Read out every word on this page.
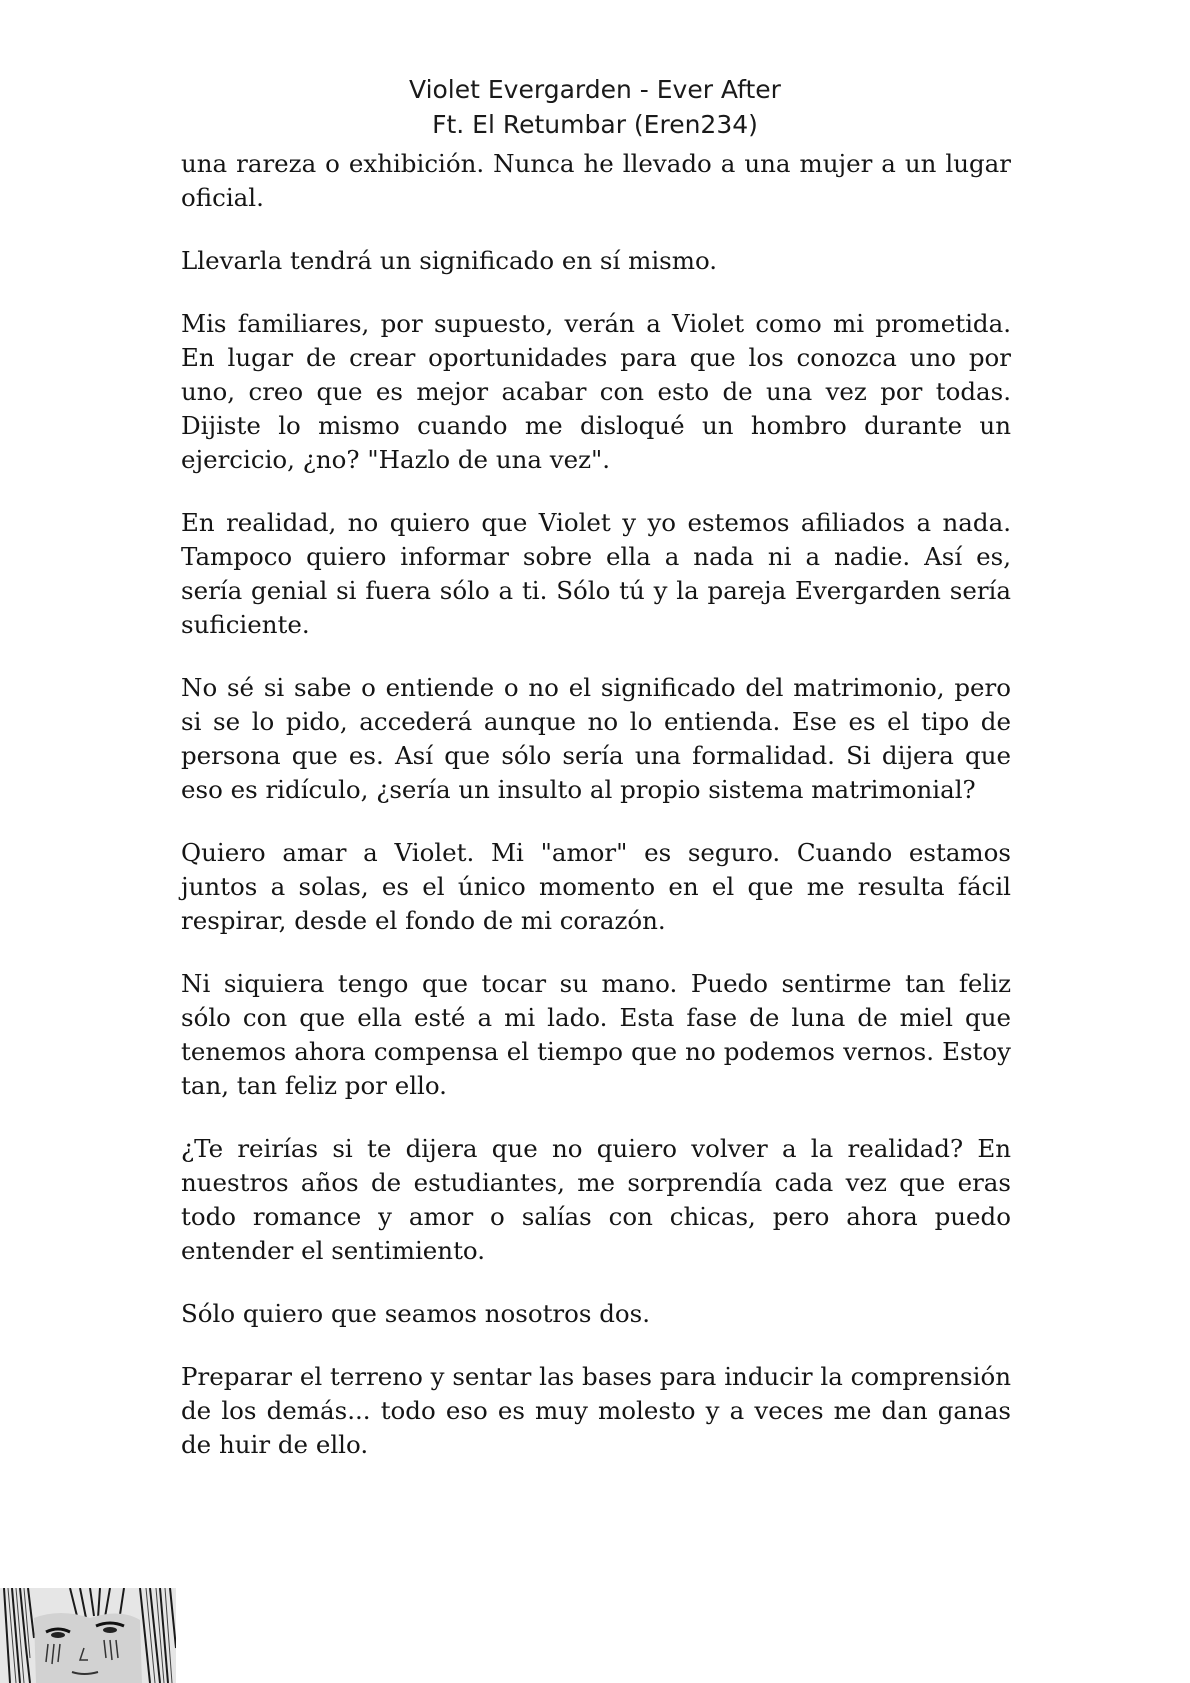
Violet Evergarden - Ever After
Ft. El Retumbar (Eren234)

una rareza o exhibición. Nunca he llevado a una mujer a un lugar oficial.

Llevarla tendrá un significado en sí mismo.

Mis familiares, por supuesto, verán a Violet como mi prometida. En lugar de crear oportunidades para que los conozca uno por uno, creo que es mejor acabar con esto de una vez por todas. Dijiste lo mismo cuando me disloqué un hombro durante un ejercicio, ¿no? "Hazlo de una vez".

En realidad, no quiero que Violet y yo estemos afiliados a nada. Tampoco quiero informar sobre ella a nada ni a nadie. Así es, sería genial si fuera sólo a ti. Sólo tú y la pareja Evergarden sería suficiente.

No sé si sabe o entiende o no el significado del matrimonio, pero si se lo pido, accederá aunque no lo entienda. Ese es el tipo de persona que es. Así que sólo sería una formalidad. Si dijera que eso es ridículo, ¿sería un insulto al propio sistema matrimonial?

Quiero amar a Violet. Mi "amor" es seguro. Cuando estamos juntos a solas, es el único momento en el que me resulta fácil respirar, desde el fondo de mi corazón.

Ni siquiera tengo que tocar su mano. Puedo sentirme tan feliz sólo con que ella esté a mi lado. Esta fase de luna de miel que tenemos ahora compensa el tiempo que no podemos vernos. Estoy tan, tan feliz por ello.

¿Te reirías si te dijera que no quiero volver a la realidad? En nuestros años de estudiantes, me sorprendía cada vez que eras todo romance y amor o salías con chicas, pero ahora puedo entender el sentimiento.

Sólo quiero que seamos nosotros dos.

Preparar el terreno y sentar las bases para inducir la comprensión de los demás... todo eso es muy molesto y a veces me dan ganas de huir de ello.
